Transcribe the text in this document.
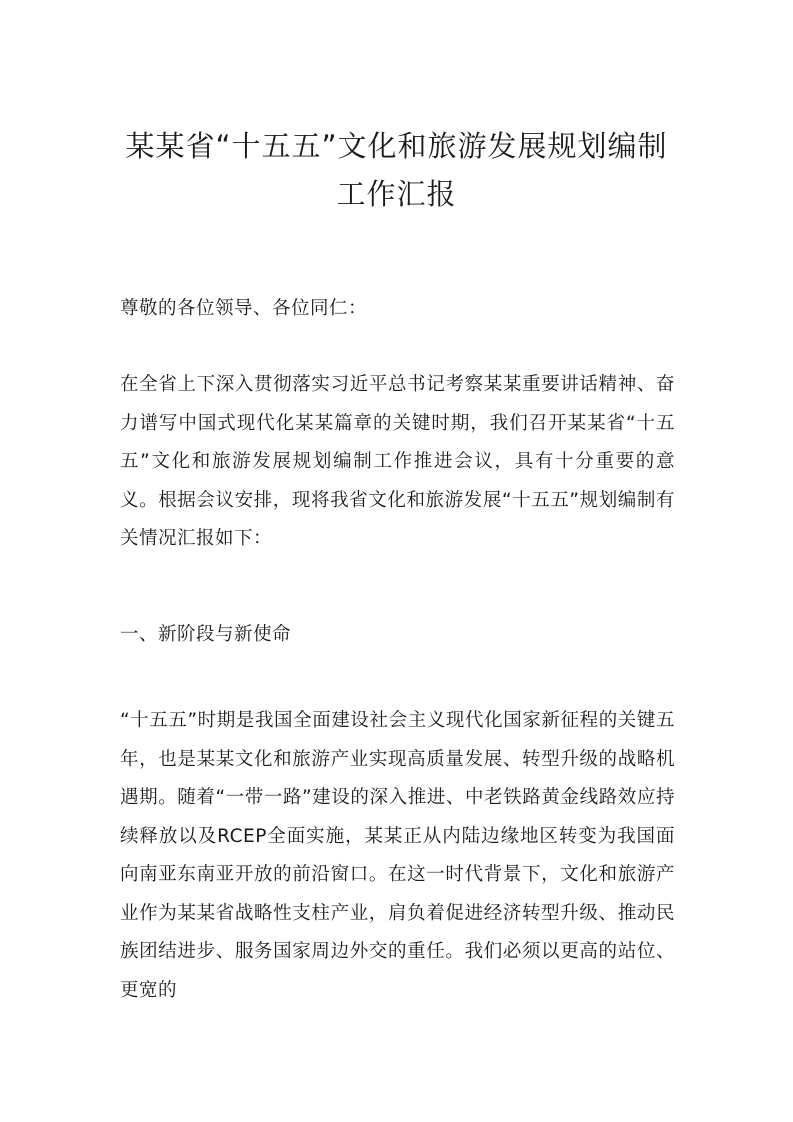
某某省“十五五”文化和旅游发展规划编制
工作汇报

尊敬的各位领导、各位同仁：

在全省上下深入贯彻落实习近平总书记考察某某重要讲话精神、奋力谱写中国式现代化某某篇章的关键时期，我们召开某某省“十五五”文化和旅游发展规划编制工作推进会议，具有十分重要的意义。根据会议安排，现将我省文化和旅游发展“十五五”规划编制有关情况汇报如下：

一、新阶段与新使命

“十五五”时期是我国全面建设社会主义现代化国家新征程的关键五年，也是某某文化和旅游产业实现高质量发展、转型升级的战略机遇期。随着“一带一路”建设的深入推进、中老铁路黄金线路效应持续释放以及RCEP全面实施，某某正从内陆边缘地区转变为我国面向南亚东南亚开放的前沿窗口。在这一时代背景下，文化和旅游产业作为某某省战略性支柱产业，肩负着促进经济转型升级、推动民族团结进步、服务国家周边外交的重任。我们必须以更高的站位、更宽的
